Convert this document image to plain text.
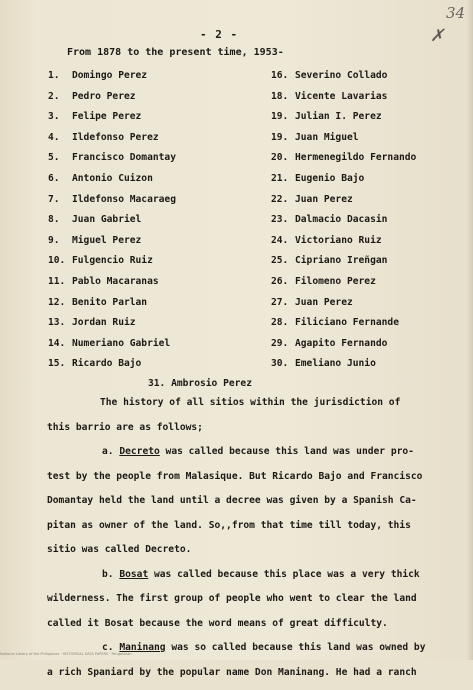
34
✗
- 2 -
From 1878 to the present time, 1953-
1. Domingo Perez
2. Pedro Perez
3. Felipe Perez
4. Ildefonso Perez
5. Francisco Domantay
6. Antonio Cuizon
7. Ildefonso Macaraeg
8. Juan Gabriel
9. Miguel Perez
10. Fulgencio Ruiz
11. Pablo Macaranas
12. Benito Parlan
13. Jordan Ruiz
14. Numeriano Gabriel
15. Ricardo Bajo
16. Severino Collado
18. Vicente Lavarias
19. Julian I. Perez
19. Juan Miguel
20. Hermenegildo Fernando
21. Eugenio Bajo
22. Juan Perez
23. Dalmacio Dacasin
24. Victoriano Ruiz
25. Cipriano Ireñgan
26. Filomeno Perez
27. Juan Perez
28. Filiciano Fernande
29. Agapito Fernando
30. Emeliano Junio
31. Ambrosio Perez
The history of all sitios within the jurisdiction of
this barrio are as follows;
a. Decreto was called because this land was under pro-
test by the people from Malasique. But Ricardo Bajo and Francisco
Domantay held the land until a decree was given by a Spanish Ca-
pitan as owner of the land. So,,from that time till today, this
sitio was called Decreto.
b. Bosat was called because this place was a very thick
wilderness. The first group of people who went to clear the land
called it Bosat because the word means of great difficulty.
c. Maninang was so called because this land was owned by
a rich Spaniard by the popular name Don Maninang. He had a ranch
National Library of the Philippines · HISTORICAL DATA PAPERS · Pangasinan
